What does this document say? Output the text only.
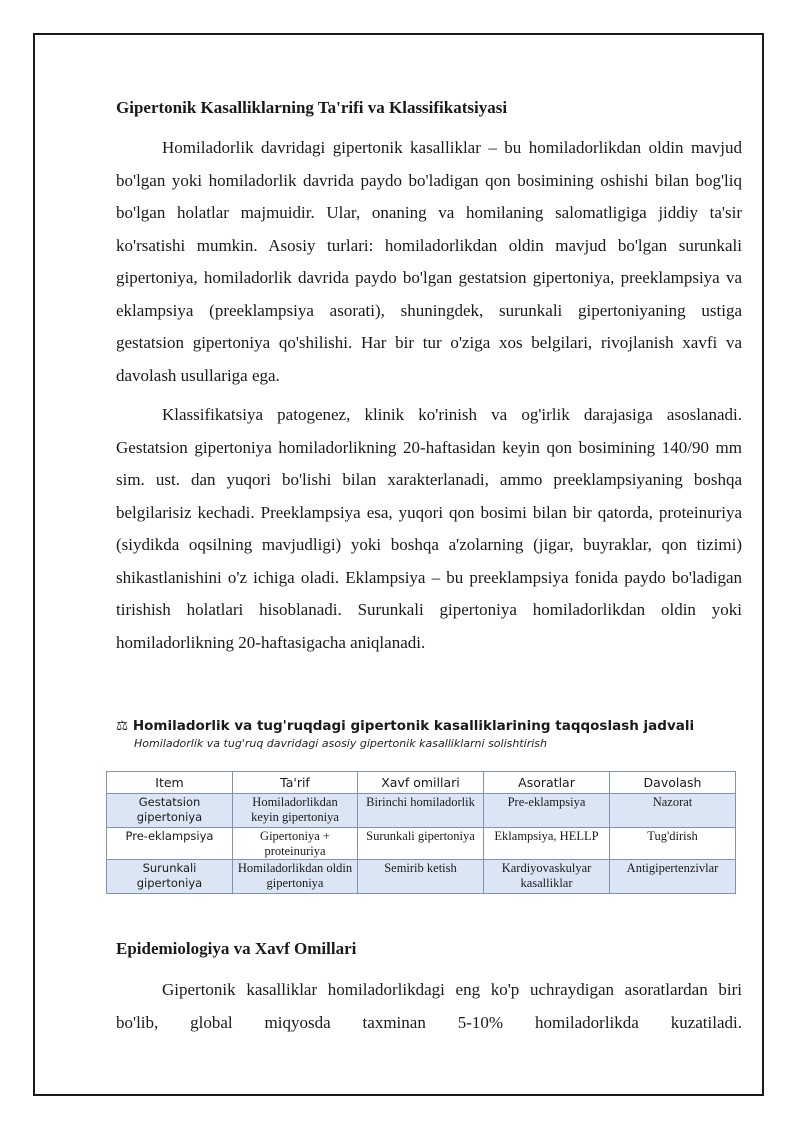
Gipertonik Kasalliklarning Ta'rifi va Klassifikatsiyasi

Homiladorlik davridagi gipertonik kasalliklar – bu homiladorlikdan oldin mavjud bo'lgan yoki homiladorlik davrida paydo bo'ladigan qon bosimining oshishi bilan bog'liq bo'lgan holatlar majmuidir. Ular, onaning va homilaning salomatligiga jiddiy ta'sir ko'rsatishi mumkin. Asosiy turlari: homiladorlikdan oldin mavjud bo'lgan surunkali gipertoniya, homiladorlik davrida paydo bo'lgan gestatsion gipertoniya, preeklampsiya va eklampsiya (preeklampsiya asorati), shuningdek, surunkali gipertoniyaning ustiga gestatsion gipertoniya qo'shilishi. Har bir tur o'ziga xos belgilari, rivojlanish xavfi va davolash usullariga ega.

Klassifikatsiya patogenez, klinik ko'rinish va og'irlik darajasiga asoslanadi. Gestatsion gipertoniya homiladorlikning 20-haftasidan keyin qon bosimining 140/90 mm sim. ust. dan yuqori bo'lishi bilan xarakterlanadi, ammo preeklampsiyaning boshqa belgilarisiz kechadi. Preeklampsiya esa, yuqori qon bosimi bilan bir qatorda, proteinuriya (siydikda oqsilning mavjudligi) yoki boshqa a'zolarning (jigar, buyraklar, qon tizimi) shikastlanishini o'z ichiga oladi. Eklampsiya – bu preeklampsiya fonida paydo bo'ladigan tirishish holatlari hisoblanadi. Surunkali gipertoniya homiladorlikdan oldin yoki homiladorlikning 20-haftasigacha aniqlanadi.

⚖ Homiladorlik va tug'ruqdagi gipertonik kasalliklarining taqqoslash jadvali

Homiladorlik va tug'ruq davridagi asosiy gipertonik kasalliklarni solishtirish

Item	Ta'rif	Xavf omillari	Asoratlar	Davolash
Gestatsion gipertoniya	Homiladorlikdan keyin gipertoniya	Birinchi homiladorlik	Pre-eklampsiya	Nazorat
Pre-eklampsiya	Gipertoniya + proteinuriya	Surunkali gipertoniya	Eklampsiya, HELLP	Tug'dirish
Surunkali gipertoniya	Homiladorlikdan oldin gipertoniya	Semirib ketish	Kardiyovaskulyar kasalliklar	Antigipertenzivlar
Epidemiologiya va Xavf Omillari

Gipertonik kasalliklar homiladorlikdagi eng ko'p uchraydigan asoratlardan biri bo'lib, global miqyosda taxminan 5-10% homiladorlikda kuzatiladi.
